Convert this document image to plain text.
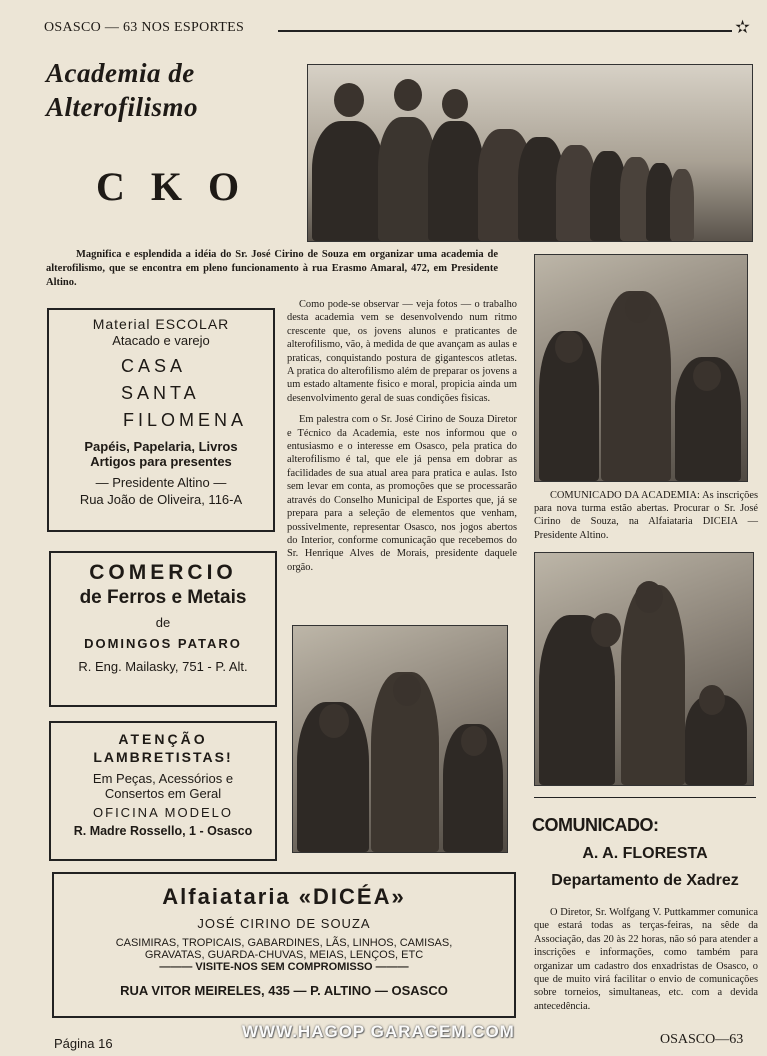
OSASCO — 63 NOS ESPORTES	✫
Academia de
Alterofilismo
C K O
Magnifica e esplendida a idéia do Sr. José Cirino de Souza em organizar uma academia de alterofilismo, que se encontra em pleno funcionamento à rua Erasmo Amaral, 472, em Presidente Altino.

Como pode-se observar — veja fotos — o trabalho desta academia vem se desenvolvendo num ritmo crescente que, os jovens alunos e praticantes de alterofilismo, vão, à medida de que avançam as aulas e praticas, conquistando postura de gigantescos atletas. A pratica do alterofilismo além de preparar os jovens a um estado altamente fisico e moral, propicia ainda um desenvolvimento geral de suas condições fisicas.

Em palestra com o Sr. José Cirino de Souza Diretor e Técnico da Academia, este nos informou que o entusiasmo e o interesse em Osasco, pela pratica do alterofilismo é tal, que ele já pensa em dobrar as facilidades de sua atual area para pratica e aulas. Isto sem levar em conta, as promoções que se processarão através do Conselho Municipal de Esportes que, já se prepara para a seleção de elementos que venham, possivelmente, representar Osasco, nos jogos abertos do Interior, conforme comunicação que recebemos do Sr. Henrique Alves de Morais, presidente daquele orgão.

COMUNICADO DA ACADEMIA: As inscrições para nova turma estão abertas. Procurar o Sr. José Cirino de Souza, na Alfaiataria DICEIA — Presidente Altino.
Material ESCOLAR
Atacado e varejo
CASA
SANTA
FILOMENA
Papéis, Papelaria, Livros
Artigos para presentes
— Presidente Altino —
Rua João de Oliveira, 116-A
COMERCIO
de Ferros e Metais
de
DOMINGOS PATARO
R. Eng. Mailasky, 751 - P. Alt.
ATENÇÃO
LAMBRETISTAS!
Em Peças, Acessórios e
Consertos em Geral
OFICINA MODELO
R. Madre Rossello, 1 - Osasco
Alfaiataria «DICÉA»
JOSÉ CIRINO DE SOUZA
CASIMIRAS, TROPICAIS, GABARDINES, LÃS, LINHOS, CAMISAS,
GRAVATAS, GUARDA-CHUVAS, MEIAS, LENÇOS, ETC
——— VISITE-NOS SEM COMPROMISSO ———
RUA VITOR MEIRELES, 435 — P. ALTINO — OSASCO
COMUNICADO:
A. A. FLORESTA
Departamento de Xadrez
O Diretor, Sr. Wolfgang V. Puttkammer comunica que estará todas as terças-feiras, na sêde da Associação, das 20 às 22 horas, não só para atender a inscrições e informações, como também para organizar um cadastro dos enxadristas de Osasco, o que de muito virá facilitar o envio de comunicações sobre torneios, simultaneas, etc. com a devida antecedência.
Página 16
WWW.HAGOP GARAGEM.COM	OSASCO—63
